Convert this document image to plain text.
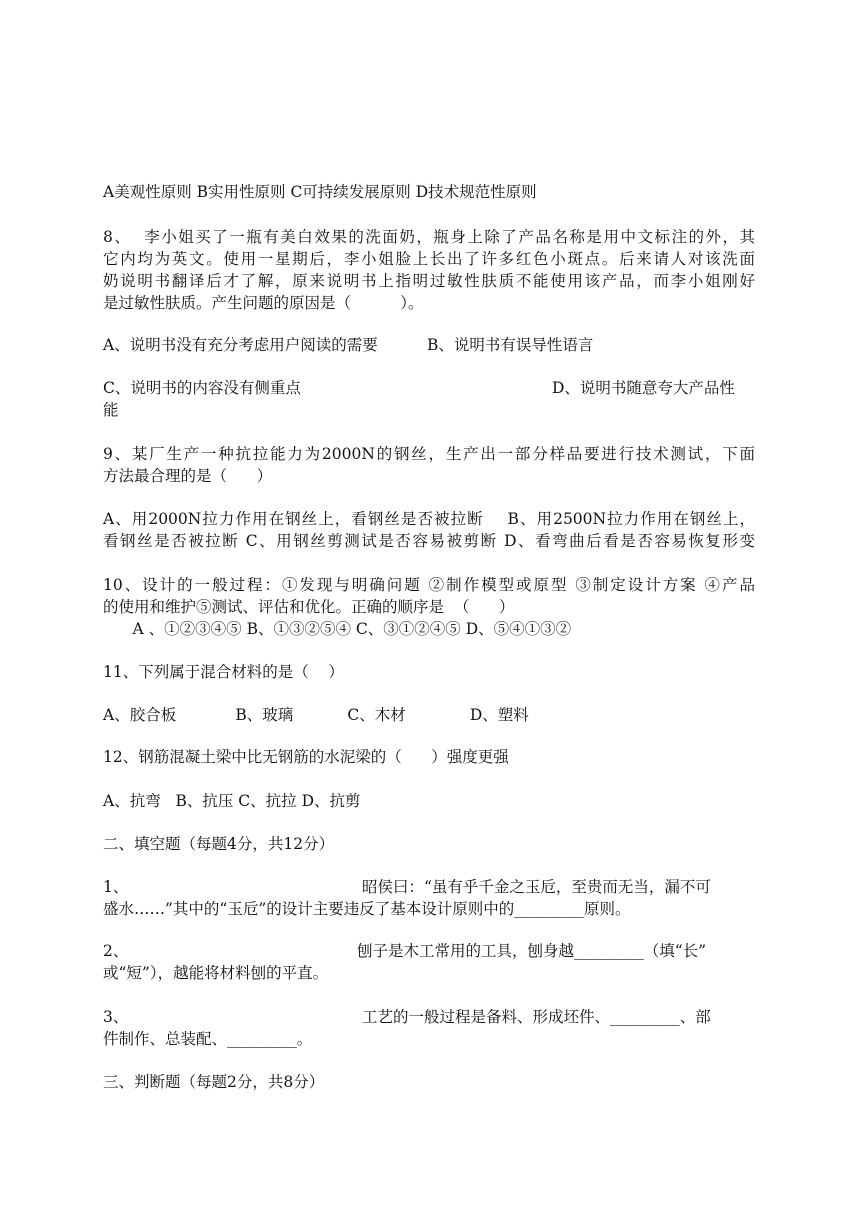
A美观性原则 B实用性原则 C可持续发展原则 D技术规范性原则
8、  李小姐买了一瓶有美白效果的洗面奶，瓶身上除了产品名称是用中文标注的外，其
它内均为英文。使用一星期后，李小姐脸上长出了许多红色小斑点。后来请人对该洗面
奶说明书翻译后才了解，原来说明书上指明过敏性肤质不能使用该产品，而李小姐刚好
是过敏性肤质。产生问题的原因是（          ）。
A、说明书没有充分考虑用户阅读的需要          B、说明书有误导性语言
C、说明书的内容没有侧重点	D、说明书随意夸大产品性
能
9、某厂生产一种抗拉能力为2000N的钢丝，生产出一部分样品要进行技术测试，下面
方法最合理的是（      ）
A、用2000N拉力作用在钢丝上，看钢丝是否被拉断    B、用2500N拉力作用在钢丝上，
看钢丝是否被拉断 C、用钢丝剪测试是否容易被剪断 D、看弯曲后看是否容易恢复形变
10、设计的一般过程：①发现与明确问题 ②制作模型或原型 ③制定设计方案 ④产品
的使用和维护⑤测试、评估和优化。正确的顺序是  （      ）
A 、①②③④⑤ B、①③②⑤④ C、③①②④⑤ D、⑤④①③②
11、下列属于混合材料的是（    ）
A、胶合板            B、玻璃           C、木材             D、塑料
12、钢筋混凝土梁中比无钢筋的水泥梁的（      ）强度更强
A、抗弯   B、抗压 C、抗拉 D、抗剪
二、填空题（每题4分，共12分）
1、	昭侯曰：“虽有乎千金之玉卮，至贵而无当，漏不可
盛水……”其中的“玉卮”的设计主要违反了基本设计原则中的_________原则。
2、	刨子是木工常用的工具，刨身越_________（填“长”
或“短”），越能将材料刨的平直。
3、	工艺的一般过程是备料、形成坯件、_________、部
件制作、总装配、_________。
三、判断题（每题2分，共8分）
